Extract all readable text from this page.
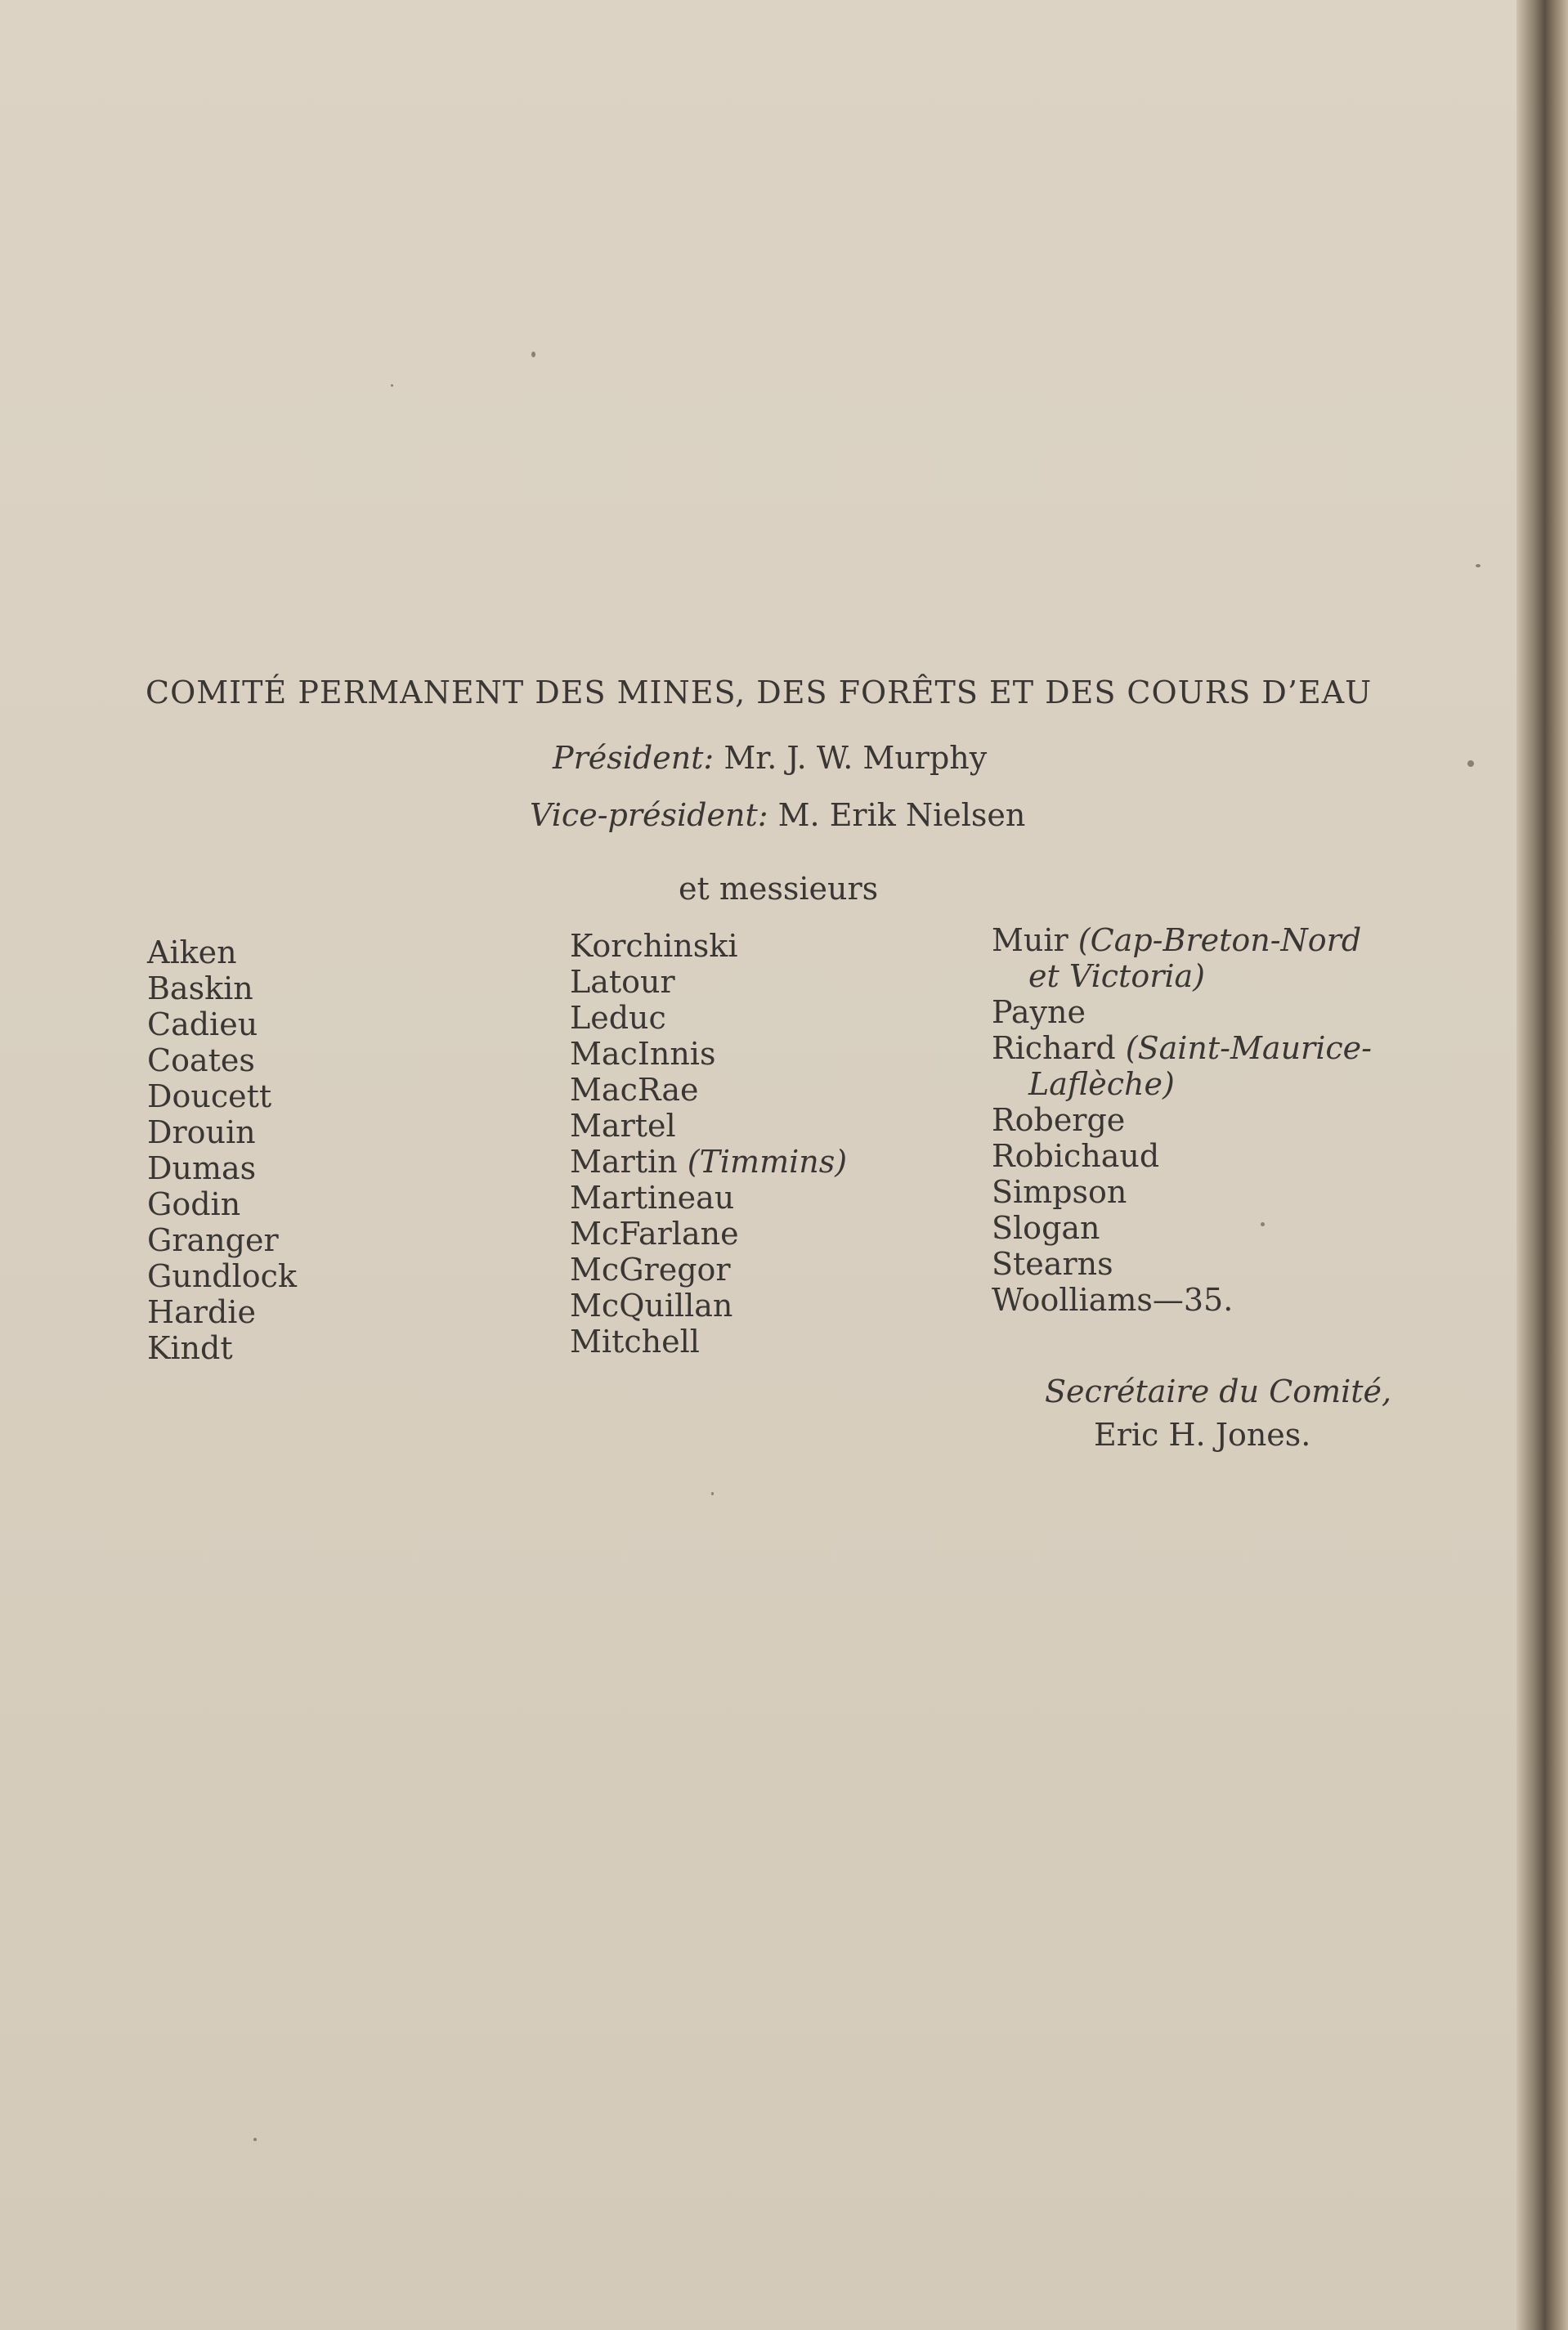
COMITÉ PERMANENT DES MINES, DES FORÊTS ET DES COURS D’EAU
Président: Mr. J. W. Murphy
Vice-président: M. Erik Nielsen
et messieurs
Aiken
Baskin
Cadieu
Coates
Doucett
Drouin
Dumas
Godin
Granger
Gundlock
Hardie
Kindt
Korchinski
Latour
Leduc
MacInnis
MacRae
Martel
Martin (Timmins)
Martineau
McFarlane
McGregor
McQuillan
Mitchell
Muir (Cap-Breton-Nord
et Victoria)
Payne
Richard (Saint-Maurice-
Laflèche)
Roberge
Robichaud
Simpson
Slogan
Stearns
Woolliams—35.
Secrétaire du Comité,
Eric H. Jones.
